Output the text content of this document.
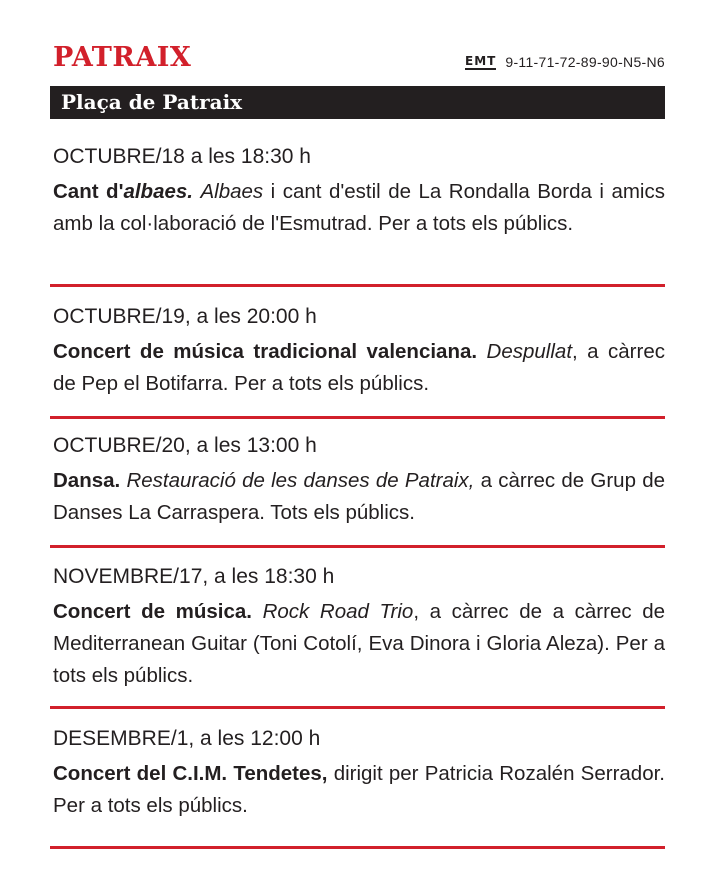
PATRAIX	EMT 9-11-71-72-89-90-N5-N6
Plaça de Patraix
OCTUBRE/18 a les 18:30 h
Cant d'albaes. Albaes i cant d'estil de La Rondalla Borda i amics amb la col·laboració de l'Esmutrad. Per a tots els públics.
OCTUBRE/19, a les 20:00 h
Concert de música tradicional valenciana. Despullat, a càrrec de Pep el Botifarra. Per a tots els públics.
OCTUBRE/20, a les 13:00 h
Dansa. Restauració de les danses de Patraix, a càrrec de Grup de Danses La Carraspera. Tots els públics.
NOVEMBRE/17, a les 18:30 h
Concert de música. Rock Road Trio, a càrrec de a càrrec de Mediterranean Guitar (Toni Cotolí, Eva Dinora i Gloria Aleza). Per a tots els públics.
DESEMBRE/1, a les 12:00 h
Concert del C.I.M. Tendetes, dirigit per Patricia Rozalén Serrador. Per a tots els públics.
